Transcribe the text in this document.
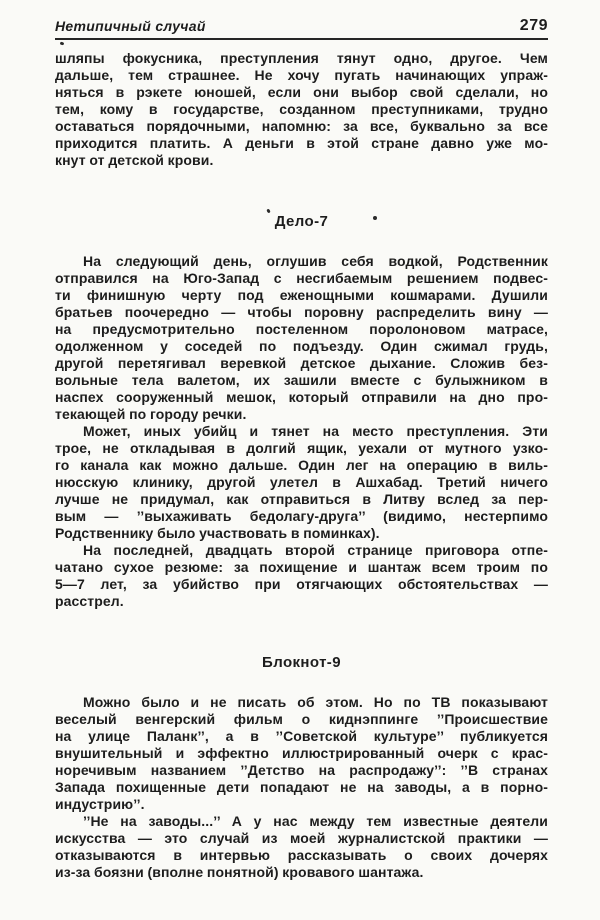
Нетипичный случай	279
шляпы фокусника, преступления тянут одно, другое. Чем
дальше, тем страшнее. Не хочу пугать начинающих упраж-
няться в рэкете юношей, если они выбор свой сделали, но
тем, кому в государстве, созданном преступниками, трудно
оставаться порядочными, напомню: за все, буквально за все
приходится платить. А деньги в этой стране давно уже мо-
кнут от детской крови.
Дело-7
На следующий день, оглушив себя водкой, Родственник
отправился на Юго-Запад с несгибаемым решением подвес-
ти финишную черту под еженощными кошмарами. Душили
братьев поочередно — чтобы поровну распределить вину —
на предусмотрительно постеленном поролоновом матрасе,
одолженном у соседей по подъезду. Один сжимал грудь,
другой перетягивал веревкой детское дыхание. Сложив без-
вольные тела валетом, их зашили вместе с булыжником в
наспех сооруженный мешок, который отправили на дно про-
текающей по городу речки.
Может, иных убийц и тянет на место преступления. Эти
трое, не откладывая в долгий ящик, уехали от мутного узко-
го канала как можно дальше. Один лег на операцию в виль-
нюсскую клинику, другой улетел в Ашхабад. Третий ничего
лучше не придумал, как отправиться в Литву вслед за пер-
вым — ’’выхаживать бедолагу-друга’’ (видимо, нестерпимо
Родственнику было участвовать в поминках).
На последней, двадцать второй странице приговора отпе-
чатано сухое резюме: за похищение и шантаж всем троим по
5—7 лет, за убийство при отягчающих обстоятельствах —
расстрел.
Блокнот-9
Можно было и не писать об этом. Но по ТВ показывают
веселый венгерский фильм о киднэппинге ’’Происшествие
на улице Паланк’’, а в ’’Советской культуре’’ публикуется
внушительный и эффектно иллюстрированный очерк с крас-
норечивым названием ’’Детство на распродажу’’: ’’В странах
Запада похищенные дети попадают не на заводы, а в порно-
индустрию’’.
’’Не на заводы...’’ А у нас между тем известные деятели
искусства — это случай из моей журналистской практики —
отказываются в интервью рассказывать о своих дочерях
из-за боязни (вполне понятной) кровавого шантажа.
